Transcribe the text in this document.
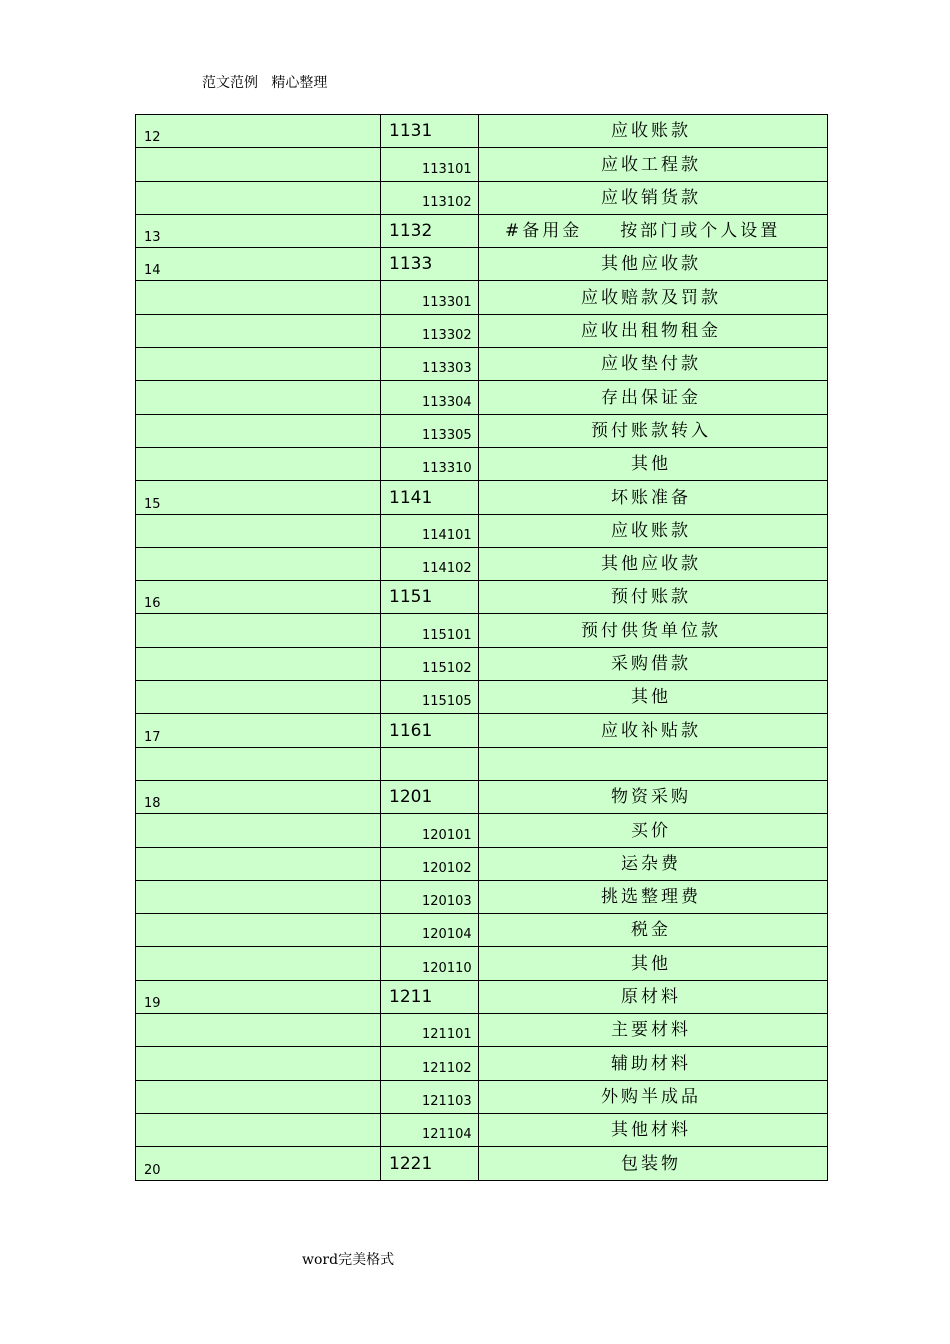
范文范例 精心整理
12	1131	应收账款
	113101	应收工程款
	113102	应收销货款
13	1132	#备用金 按部门或个人设置
14	1133	其他应收款
	113301	应收赔款及罚款
	113302	应收出租物租金
	113303	应收垫付款
	113304	存出保证金
	113305	预付账款转入
	113310	其他
15	1141	坏账准备
	114101	应收账款
	114102	其他应收款
16	1151	预付账款
	115101	预付供货单位款
	115102	采购借款
	115105	其他
17	1161	应收补贴款

18	1201	物资采购
	120101	买价
	120102	运杂费
	120103	挑选整理费
	120104	税金
	120110	其他
19	1211	原材料
	121101	主要材料
	121102	辅助材料
	121103	外购半成品
	121104	其他材料
20	1221	包装物
word完美格式
